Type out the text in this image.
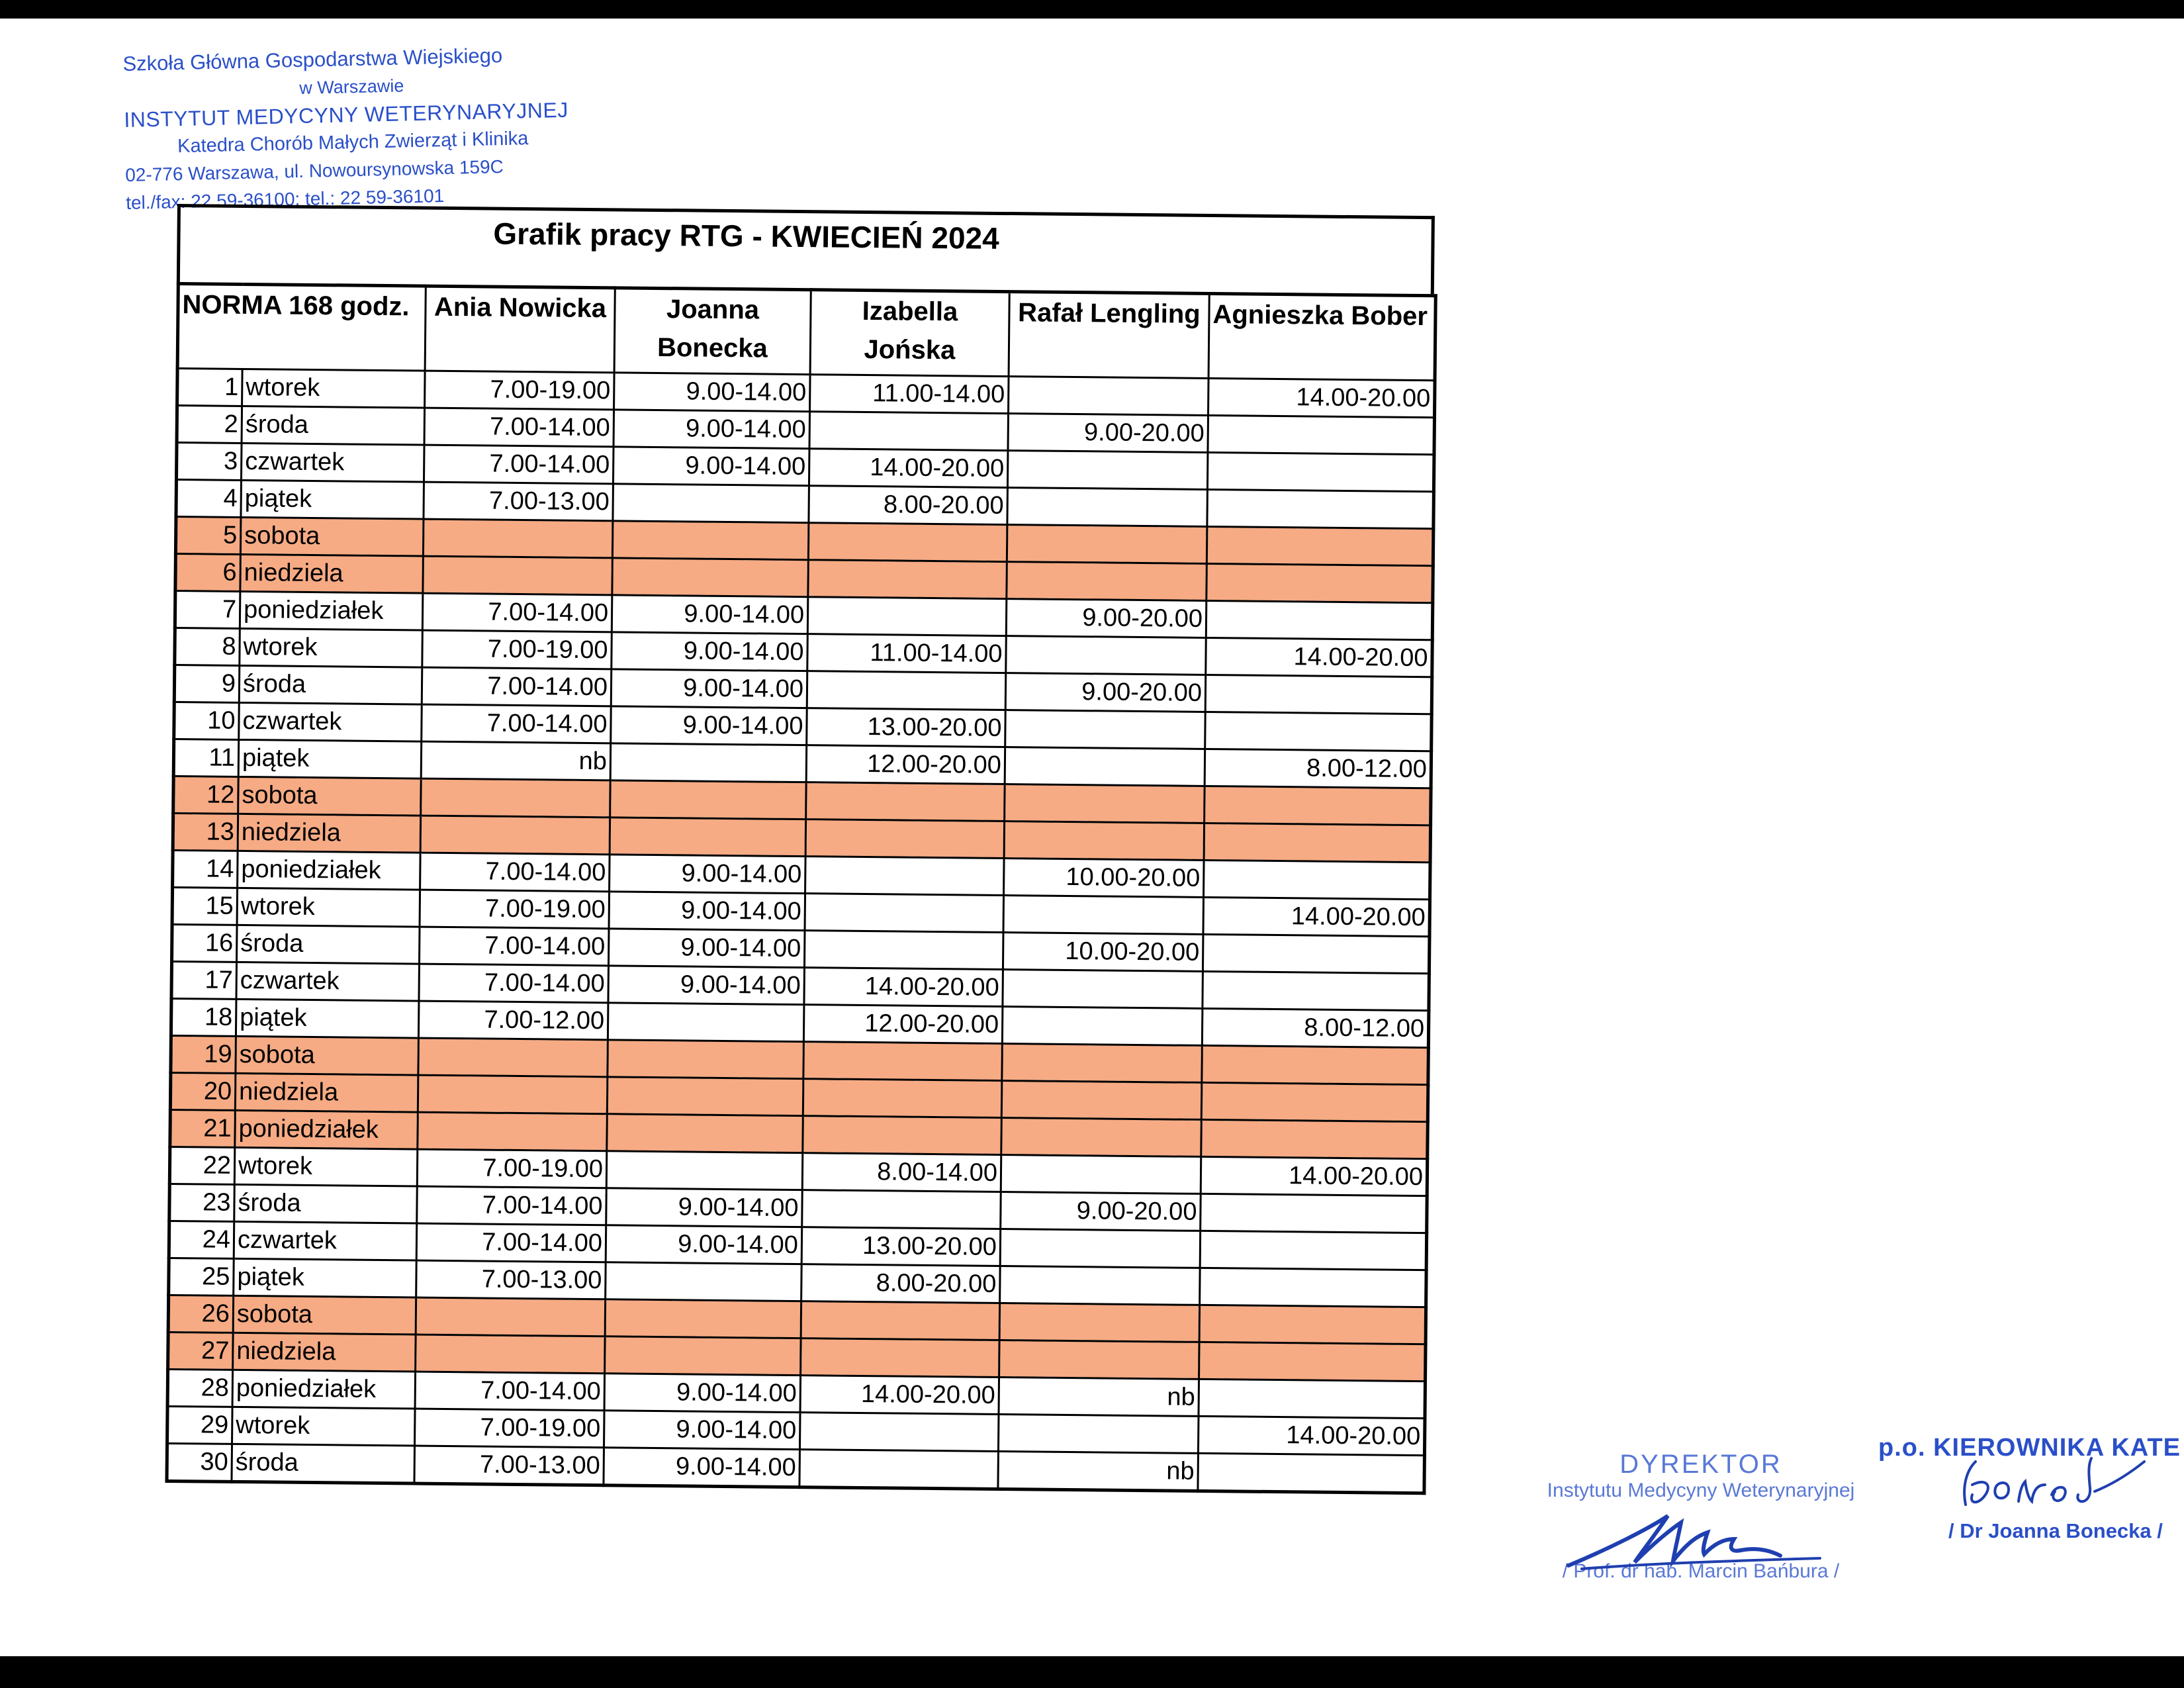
Szkoła Główna Gospodarstwa Wiejskiego
w Warszawie
INSTYTUT MEDYCYNY WETERYNARYJNEJ
Katedra Chorób Małych Zwierząt i Klinika
02-776 Warszawa, ul. Nowoursynowska 159C
tel./fax: 22 59-36100; tel.: 22 59-36101
Grafik pracy RTG - KWIECIEŃ 2024
NORMA 168 godz.		Ania Nowicka	Joanna Bonecka	Izabella Jońska	Rafał Lengling	Agnieszka Bober
1	wtorek	7.00-19.00	9.00-14.00	11.00-14.00		14.00-20.00
2	środa	7.00-14.00	9.00-14.00		9.00-20.00	
3	czwartek	7.00-14.00	9.00-14.00	14.00-20.00		
4	piątek	7.00-13.00		8.00-20.00		
5	sobota					
6	niedziela					
7	poniedziałek	7.00-14.00	9.00-14.00		9.00-20.00	
8	wtorek	7.00-19.00	9.00-14.00	11.00-14.00		14.00-20.00
9	środa	7.00-14.00	9.00-14.00		9.00-20.00	
10	czwartek	7.00-14.00	9.00-14.00	13.00-20.00		
11	piątek	nb		12.00-20.00		8.00-12.00
12	sobota					
13	niedziela					
14	poniedziałek	7.00-14.00	9.00-14.00		10.00-20.00	
15	wtorek	7.00-19.00	9.00-14.00			14.00-20.00
16	środa	7.00-14.00	9.00-14.00		10.00-20.00	
17	czwartek	7.00-14.00	9.00-14.00	14.00-20.00		
18	piątek	7.00-12.00		12.00-20.00		8.00-12.00
19	sobota					
20	niedziela					
21	poniedziałek					
22	wtorek	7.00-19.00		8.00-14.00		14.00-20.00
23	środa	7.00-14.00	9.00-14.00		9.00-20.00	
24	czwartek	7.00-14.00	9.00-14.00	13.00-20.00		
25	piątek	7.00-13.00		8.00-20.00		
26	sobota					
27	niedziela					
28	poniedziałek	7.00-14.00	9.00-14.00	14.00-20.00	nb	
29	wtorek	7.00-19.00	9.00-14.00			14.00-20.00
30	środa	7.00-13.00	9.00-14.00		nb		DYREKTOR
Instytutu Medycyny Weterynaryjnej
/ Prof. dr hab. Marcin Bańbura /
p.o. KIEROWNIKA KATE
/ Dr Joanna Bonecka /
